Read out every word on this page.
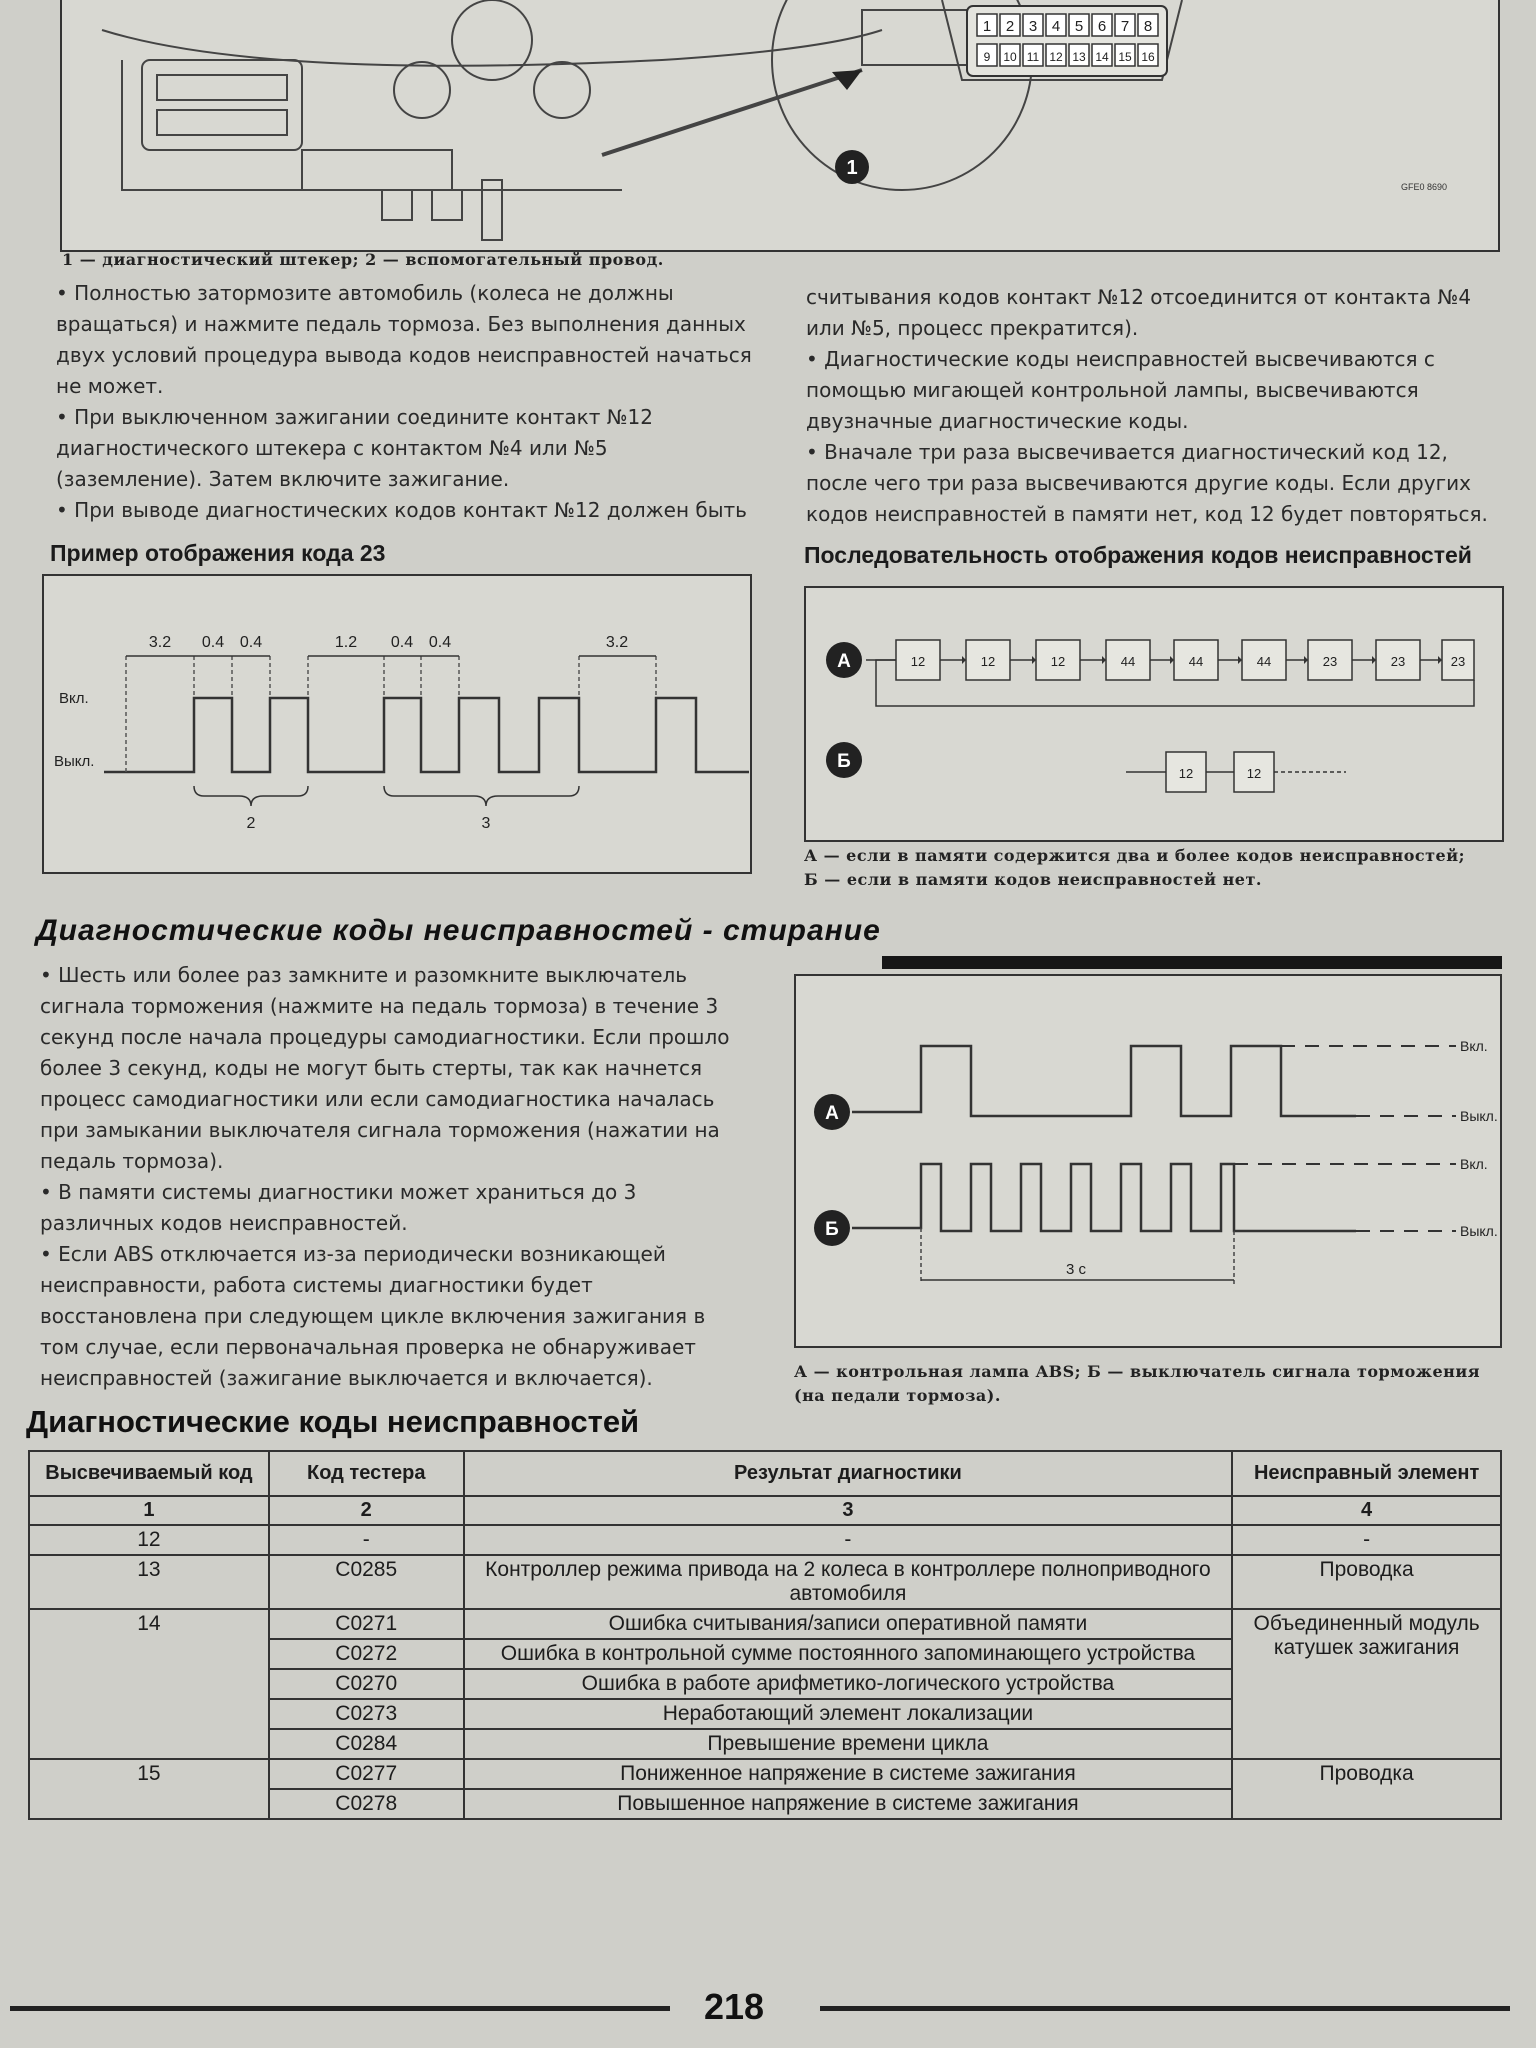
1 2 3 4 5 6 7 8
9 10 11 12 13 14 15 16
1
GFE0 8690
1 — диагностический штекер; 2 — вспомогательный провод.

• Полностью затормозите автомобиль (колеса не должны вращаться) и нажмите педаль тормоза. Без выполнения данных двух условий процедура вывода кодов неисправностей начаться не может.

• При выключенном зажигании соедините контакт №12 диагностического штекера с контактом №4 или №5 (заземление). Затем включите зажигание.

• При выводе диагностических кодов контакт №12 должен быть

считывания кодов контакт №12 отсоединится от контакта №4 или №5, процесс прекратится).

• Диагностические коды неисправностей высвечиваются с помощью мигающей контрольной лампы, высвечиваются двузначные диагностические коды.

• Вначале три раза высвечивается диагностический код 12, после чего три раза высвечиваются другие коды. Если других кодов неисправностей в памяти нет, код 12 будет повторяться.

Пример отображения кода 23
Вкл.
Выкл.
3.2 0.4 0.4	1.2 0.4 0.4	3.2
2	3
Последовательность отображения кодов неисправностей
А
Б
12	12	12	44	44	44	23	23	23
12	12
А — если в памяти содержится два и более кодов неисправностей;
Б — если в памяти кодов неисправностей нет.
Диагностические коды неисправностей - стирание

• Шесть или более раз замкните и разомкните выключатель сигнала торможения (нажмите на педаль тормоза) в течение 3 секунд после начала процедуры самодиагностики. Если прошло более 3 секунд, коды не могут быть стерты, так как начнется процесс самодиагностики или если самодиагностика началась при замыкании выключателя сигнала торможения (нажатии на педаль тормоза).

• В памяти системы диагностики может храниться до 3 различных кодов неисправностей.

• Если ABS отключается из-за периодически возникающей неисправности, работа системы диагностики будет восстановлена при следующем цикле включения зажигания в том случае, если первоначальная проверка не обнаруживает неисправностей (зажигание выключается и включается).

А
Б
Вкл.
Выкл.
Вкл.
Выкл.
3 с
А — контрольная лампа ABS; Б — выключатель сигнала торможения (на педали тормоза).
Диагностические коды неисправностей
Высвечиваемый код	Код тестера	Результат диагностики	Неисправный элемент
1	2	3	4
12	-	-	-
13	C0285	Контроллер режима привода на 2 колеса в контроллере полноприводного автомобиля	Проводка
14	C0271	Ошибка считывания/записи оперативной памяти	Объединенный модуль катушек зажигания
	C0272	Ошибка в контрольной сумме постоянного запоминающего устройства	
	C0270	Ошибка в работе арифметико-логического устройства	
	C0273	Неработающий элемент локализации	
	C0284	Превышение времени цикла	
15	C0277	Пониженное напряжение в системе зажигания	Проводка
	C0278	Повышенное напряжение в системе зажигания	
218
